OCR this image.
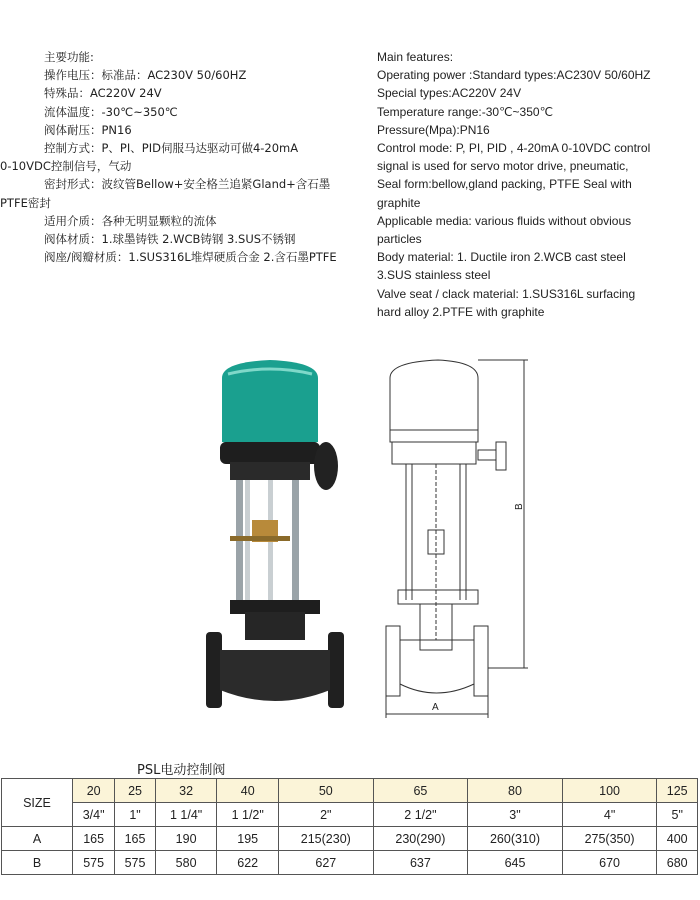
主要功能:
操作电压：标准品：AC230V 50/60HZ
特殊品：AC220V 24V
流体温度：-30℃~350℃
阀体耐压：PN16
控制方式：P、PI、PID伺服马达驱动可做4-20mA
0-10VDC控制信号，气动
密封形式：波纹管Bellow+安全格兰追紧Gland+含石墨
PTFE密封
适用介质：各种无明显颗粒的流体
阀体材质：1.球墨铸铁 2.WCB铸钢 3.SUS不锈钢
阀座/阀瓣材质：1.SUS316L堆焊硬质合金 2.含石墨PTFE
Main features:
Operating power :Standard types:AC230V 50/60HZ
Special types:AC220V 24V
Temperature range:-30℃~350℃
Pressure(Mpa):PN16
Control mode: P, PI, PID , 4-20mA 0-10VDC control
signal is used for servo motor drive, pneumatic,
Seal form:bellow,gland packing, PTFE Seal with
graphite
Applicable media: various fluids without obvious
particles
Body material: 1. Ductile iron 2.WCB cast steel
3.SUS stainless steel
Valve seat / clack material: 1.SUS316L surfacing
hard alloy 2.PTFE with graphite
A
B
PSL电动控制阀
SIZE	20	25	32	40	50	65	80	100	125
	3/4"	1"	1 1/4"	1 1/2"	2"	2 1/2"	3"	4"	5"
A	165	165	190	195	215(230)	230(290)	260(310)	275(350)	400
B	575	575	580	622	627	637	645	670	680
